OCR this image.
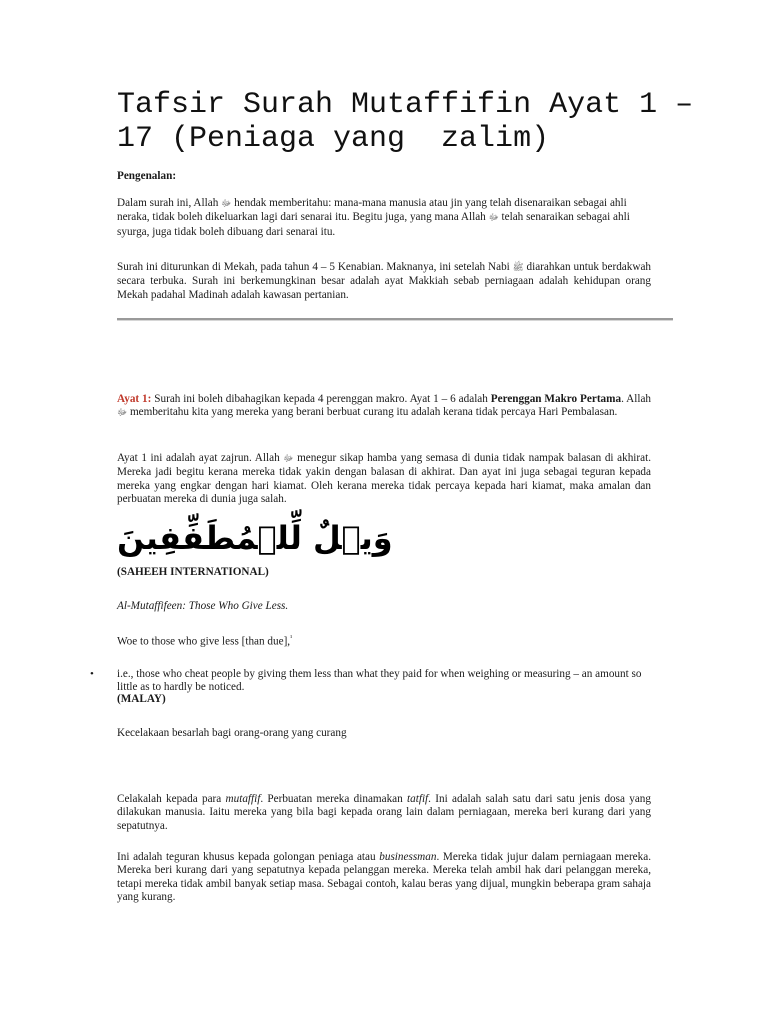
Tafsir Surah Mutaffifin Ayat 1 –
17 (Peniaga yang  zalim)
Pengenalan:
Dalam surah ini, Allah ﷻ hendak memberitahu: mana-mana manusia atau jin yang telah disenaraikan sebagai ahli neraka, tidak boleh dikeluarkan lagi dari senarai itu. Begitu juga, yang mana Allah ﷻ telah senaraikan sebagai ahli syurga, juga tidak boleh dibuang dari senarai itu.
Surah ini diturunkan di Mekah, pada tahun 4 – 5 Kenabian. Maknanya, ini setelah Nabi ﷺ diarahkan untuk berdakwah secara terbuka. Surah ini berkemungkinan besar adalah ayat Makkiah sebab perniagaan adalah kehidupan orang Mekah padahal Madinah adalah kawasan pertanian.
Ayat 1: Surah ini boleh dibahagikan kepada 4 perenggan makro. Ayat 1 – 6 adalah Perenggan Makro Pertama. Allah ﷻ memberitahu kita yang mereka yang berani berbuat curang itu adalah kerana tidak percaya Hari Pembalasan.
Ayat 1 ini adalah ayat zajrun. Allah ﷻ menegur sikap hamba yang semasa di dunia tidak nampak balasan di akhirat. Mereka jadi begitu kerana mereka tidak yakin dengan balasan di akhirat. Dan ayat ini juga sebagai teguran kepada mereka yang engkar dengan hari kiamat. Oleh kerana mereka tidak percaya kepada hari kiamat, maka amalan dan perbuatan mereka di dunia juga salah.
وَيۡلٌ لِّلۡمُطَفِّفِينَ
(SAHEEH INTERNATIONAL)
Al-Mutaffifeen: Those Who Give Less.
Woe to those who give less [than due],$^{^1}$
• i.e., those who cheat people by giving them less than what they paid for when weighing or measuring – an amount so little as to hardly be noticed.
(MALAY)
Kecelakaan besarlah bagi orang-orang yang curang
Celakalah kepada para mutaffif. Perbuatan mereka dinamakan tatfif. Ini adalah salah satu dari satu jenis dosa yang dilakukan manusia. Iaitu mereka yang bila bagi kepada orang lain dalam perniagaan, mereka beri kurang dari yang sepatutnya.
Ini adalah teguran khusus kepada golongan peniaga atau businessman. Mereka tidak jujur dalam perniagaan mereka. Mereka beri kurang dari yang sepatutnya kepada pelanggan mereka. Mereka telah ambil hak dari pelanggan mereka, tetapi mereka tidak ambil banyak setiap masa. Sebagai contoh, kalau beras yang dijual, mungkin beberapa gram sahaja yang kurang.
